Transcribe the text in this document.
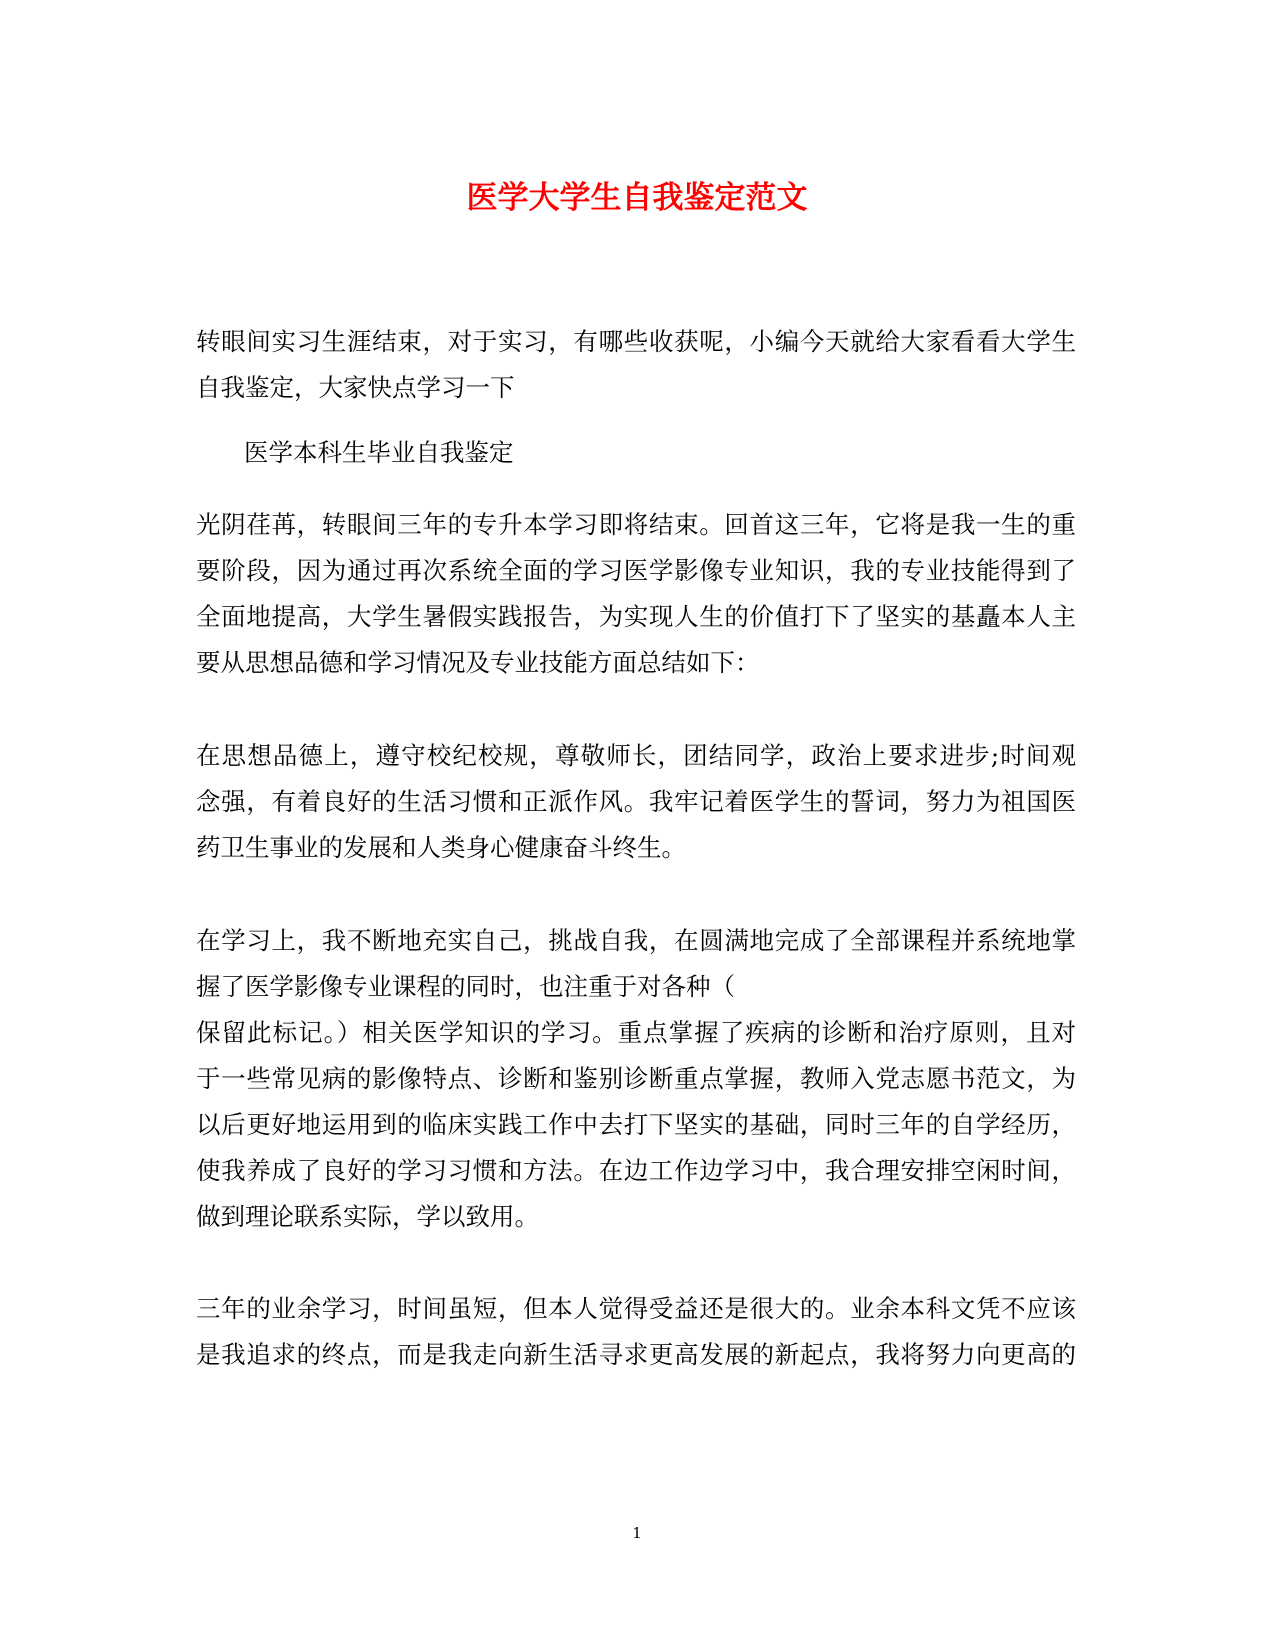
医学大学生自我鉴定范文
转眼间实习生涯结束，对于实习，有哪些收获呢，小编今天就给大家看看大学生
自我鉴定，大家快点学习一下
医学本科生毕业自我鉴定
光阴荏苒，转眼间三年的专升本学习即将结束。回首这三年，它将是我一生的重
要阶段，因为通过再次系统全面的学习医学影像专业知识，我的专业技能得到了
全面地提高，大学生暑假实践报告，为实现人生的价值打下了坚实的基矗本人主
要从思想品德和学习情况及专业技能方面总结如下：
在思想品德上，遵守校纪校规，尊敬师长，团结同学，政治上要求进步;时间观
念强，有着良好的生活习惯和正派作风。我牢记着医学生的誓词，努力为祖国医
药卫生事业的发展和人类身心健康奋斗终生。
在学习上，我不断地充实自己，挑战自我，在圆满地完成了全部课程并系统地掌
握了医学影像专业课程的同时，也注重于对各种（
保留此标记。）相关医学知识的学习。重点掌握了疾病的诊断和治疗原则，且对
于一些常见病的影像特点、诊断和鉴别诊断重点掌握，教师入党志愿书范文，为
以后更好地运用到的临床实践工作中去打下坚实的基础，同时三年的自学经历，
使我养成了良好的学习习惯和方法。在边工作边学习中，我合理安排空闲时间，
做到理论联系实际，学以致用。
三年的业余学习，时间虽短，但本人觉得受益还是很大的。业余本科文凭不应该
是我追求的终点，而是我走向新生活寻求更高发展的新起点，我将努力向更高的
1
